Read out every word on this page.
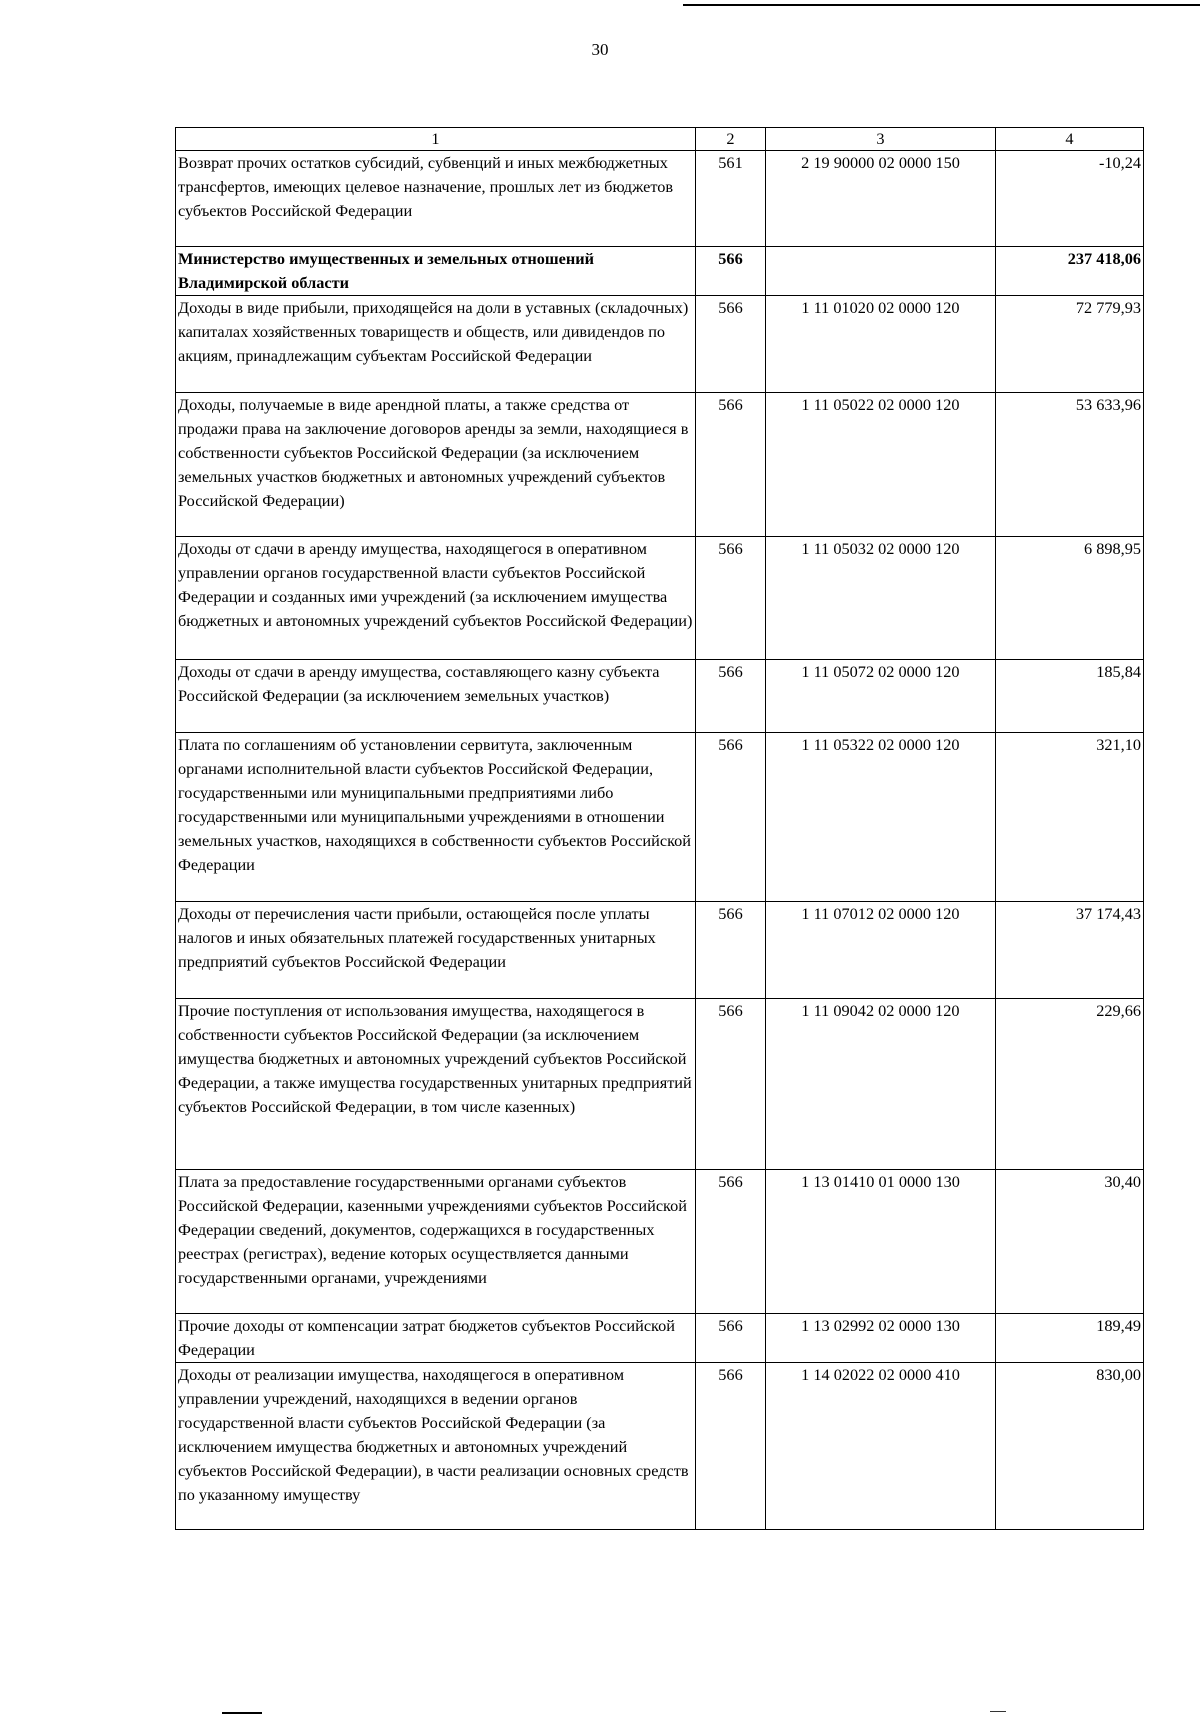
30
1	2	3	4
Возврат прочих остатков субсидий, субвенций и иных межбюджетных трансфертов, имеющих целевое назначение, прошлых лет из бюджетов субъектов Российской Федерации	561	2 19 90000 02 0000 150	-10,24
Министерство имущественных и земельных отношений Владимирской области	566		237 418,06
Доходы в виде прибыли, приходящейся на доли в уставных (складочных) капиталах хозяйственных товариществ и обществ, или дивидендов по акциям, принадлежащим субъектам Российской Федерации	566	1 11 01020 02 0000 120	72 779,93
Доходы, получаемые в виде арендной платы, а также средства от продажи права на заключение договоров аренды за земли, находящиеся в собственности субъектов Российской Федерации (за исключением земельных участков бюджетных и автономных учреждений субъектов Российской Федерации)	566	1 11 05022 02 0000 120	53 633,96
Доходы от сдачи в аренду имущества, находящегося в оперативном управлении органов государственной власти субъектов Российской Федерации и созданных ими учреждений (за исключением имущества бюджетных и автономных учреждений субъектов Российской Федерации)	566	1 11 05032 02 0000 120	6 898,95
Доходы от сдачи в аренду имущества, составляющего казну субъекта Российской Федерации (за исключением земельных участков)	566	1 11 05072 02 0000 120	185,84
Плата по соглашениям об установлении сервитута, заключенным органами исполнительной власти субъектов Российской Федерации, государственными или муниципальными предприятиями либо государственными или муниципальными учреждениями в отношении земельных участков, находящихся в собственности субъектов Российской Федерации	566	1 11 05322 02 0000 120	321,10
Доходы от перечисления части прибыли, остающейся после уплаты налогов и иных обязательных платежей государственных унитарных предприятий субъектов Российской Федерации	566	1 11 07012 02 0000 120	37 174,43
Прочие поступления от использования имущества, находящегося в собственности субъектов Российской Федерации (за исключением имущества бюджетных и автономных учреждений субъектов Российской Федерации, а также имущества государственных унитарных предприятий субъектов Российской Федерации, в том числе казенных)	566	1 11 09042 02 0000 120	229,66
Плата за предоставление государственными органами субъектов Российской Федерации, казенными учреждениями субъектов Российской Федерации сведений, документов, содержащихся в государственных реестрах (регистрах), ведение которых осуществляется данными государственными органами, учреждениями	566	1 13 01410 01 0000 130	30,40
Прочие доходы от компенсации затрат бюджетов субъектов Российской Федерации	566	1 13 02992 02 0000 130	189,49
Доходы от реализации имущества, находящегося в оперативном управлении учреждений, находящихся в ведении органов государственной власти субъектов Российской Федерации (за исключением имущества бюджетных и автономных учреждений субъектов Российской Федерации), в части реализации основных средств по указанному имуществу	566	1 14 02022 02 0000 410	830,00
